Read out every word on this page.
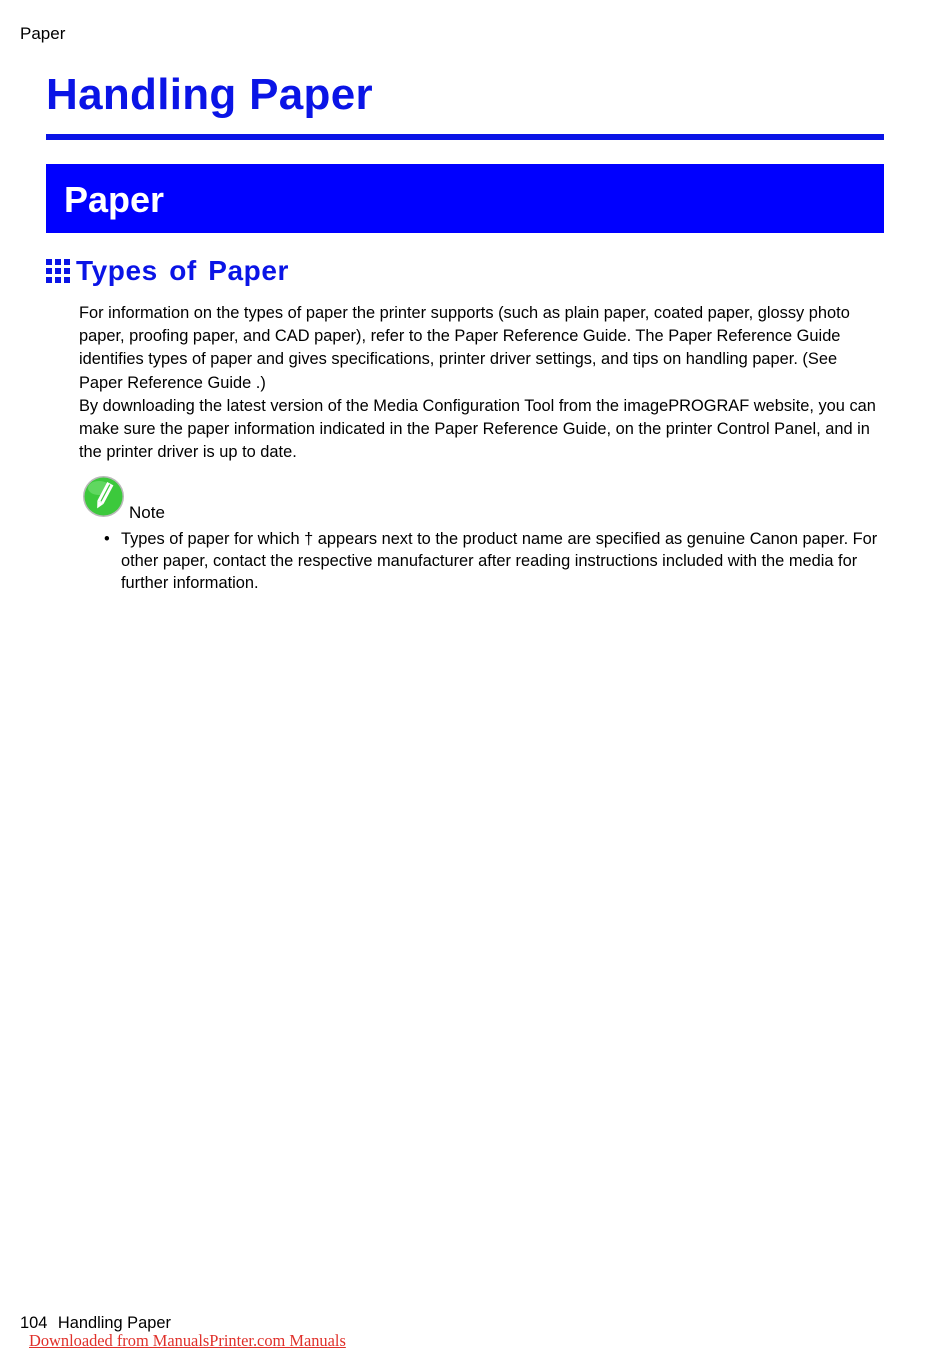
Paper
Handling Paper
Paper
Types of Paper

For information on the types of paper the printer supports (such as plain paper, coated paper, glossy photo paper, proofing paper, and CAD paper), refer to the Paper Reference Guide. The Paper Reference Guide identifies types of paper and gives specifications, printer driver settings, and tips on handling paper. (See Paper Reference Guide .)

By downloading the latest version of the Media Configuration Tool from the imagePROGRAF website, you can make sure the paper information indicated in the Paper Reference Guide, on the printer Control Panel, and in the printer driver is up to date.

Note
• Types of paper for which † appears next to the product name are specified as genuine Canon paper. For other paper, contact the respective manufacturer after reading instructions included with the media for further information.
104 Handling Paper
Downloaded from ManualsPrinter.com Manuals
